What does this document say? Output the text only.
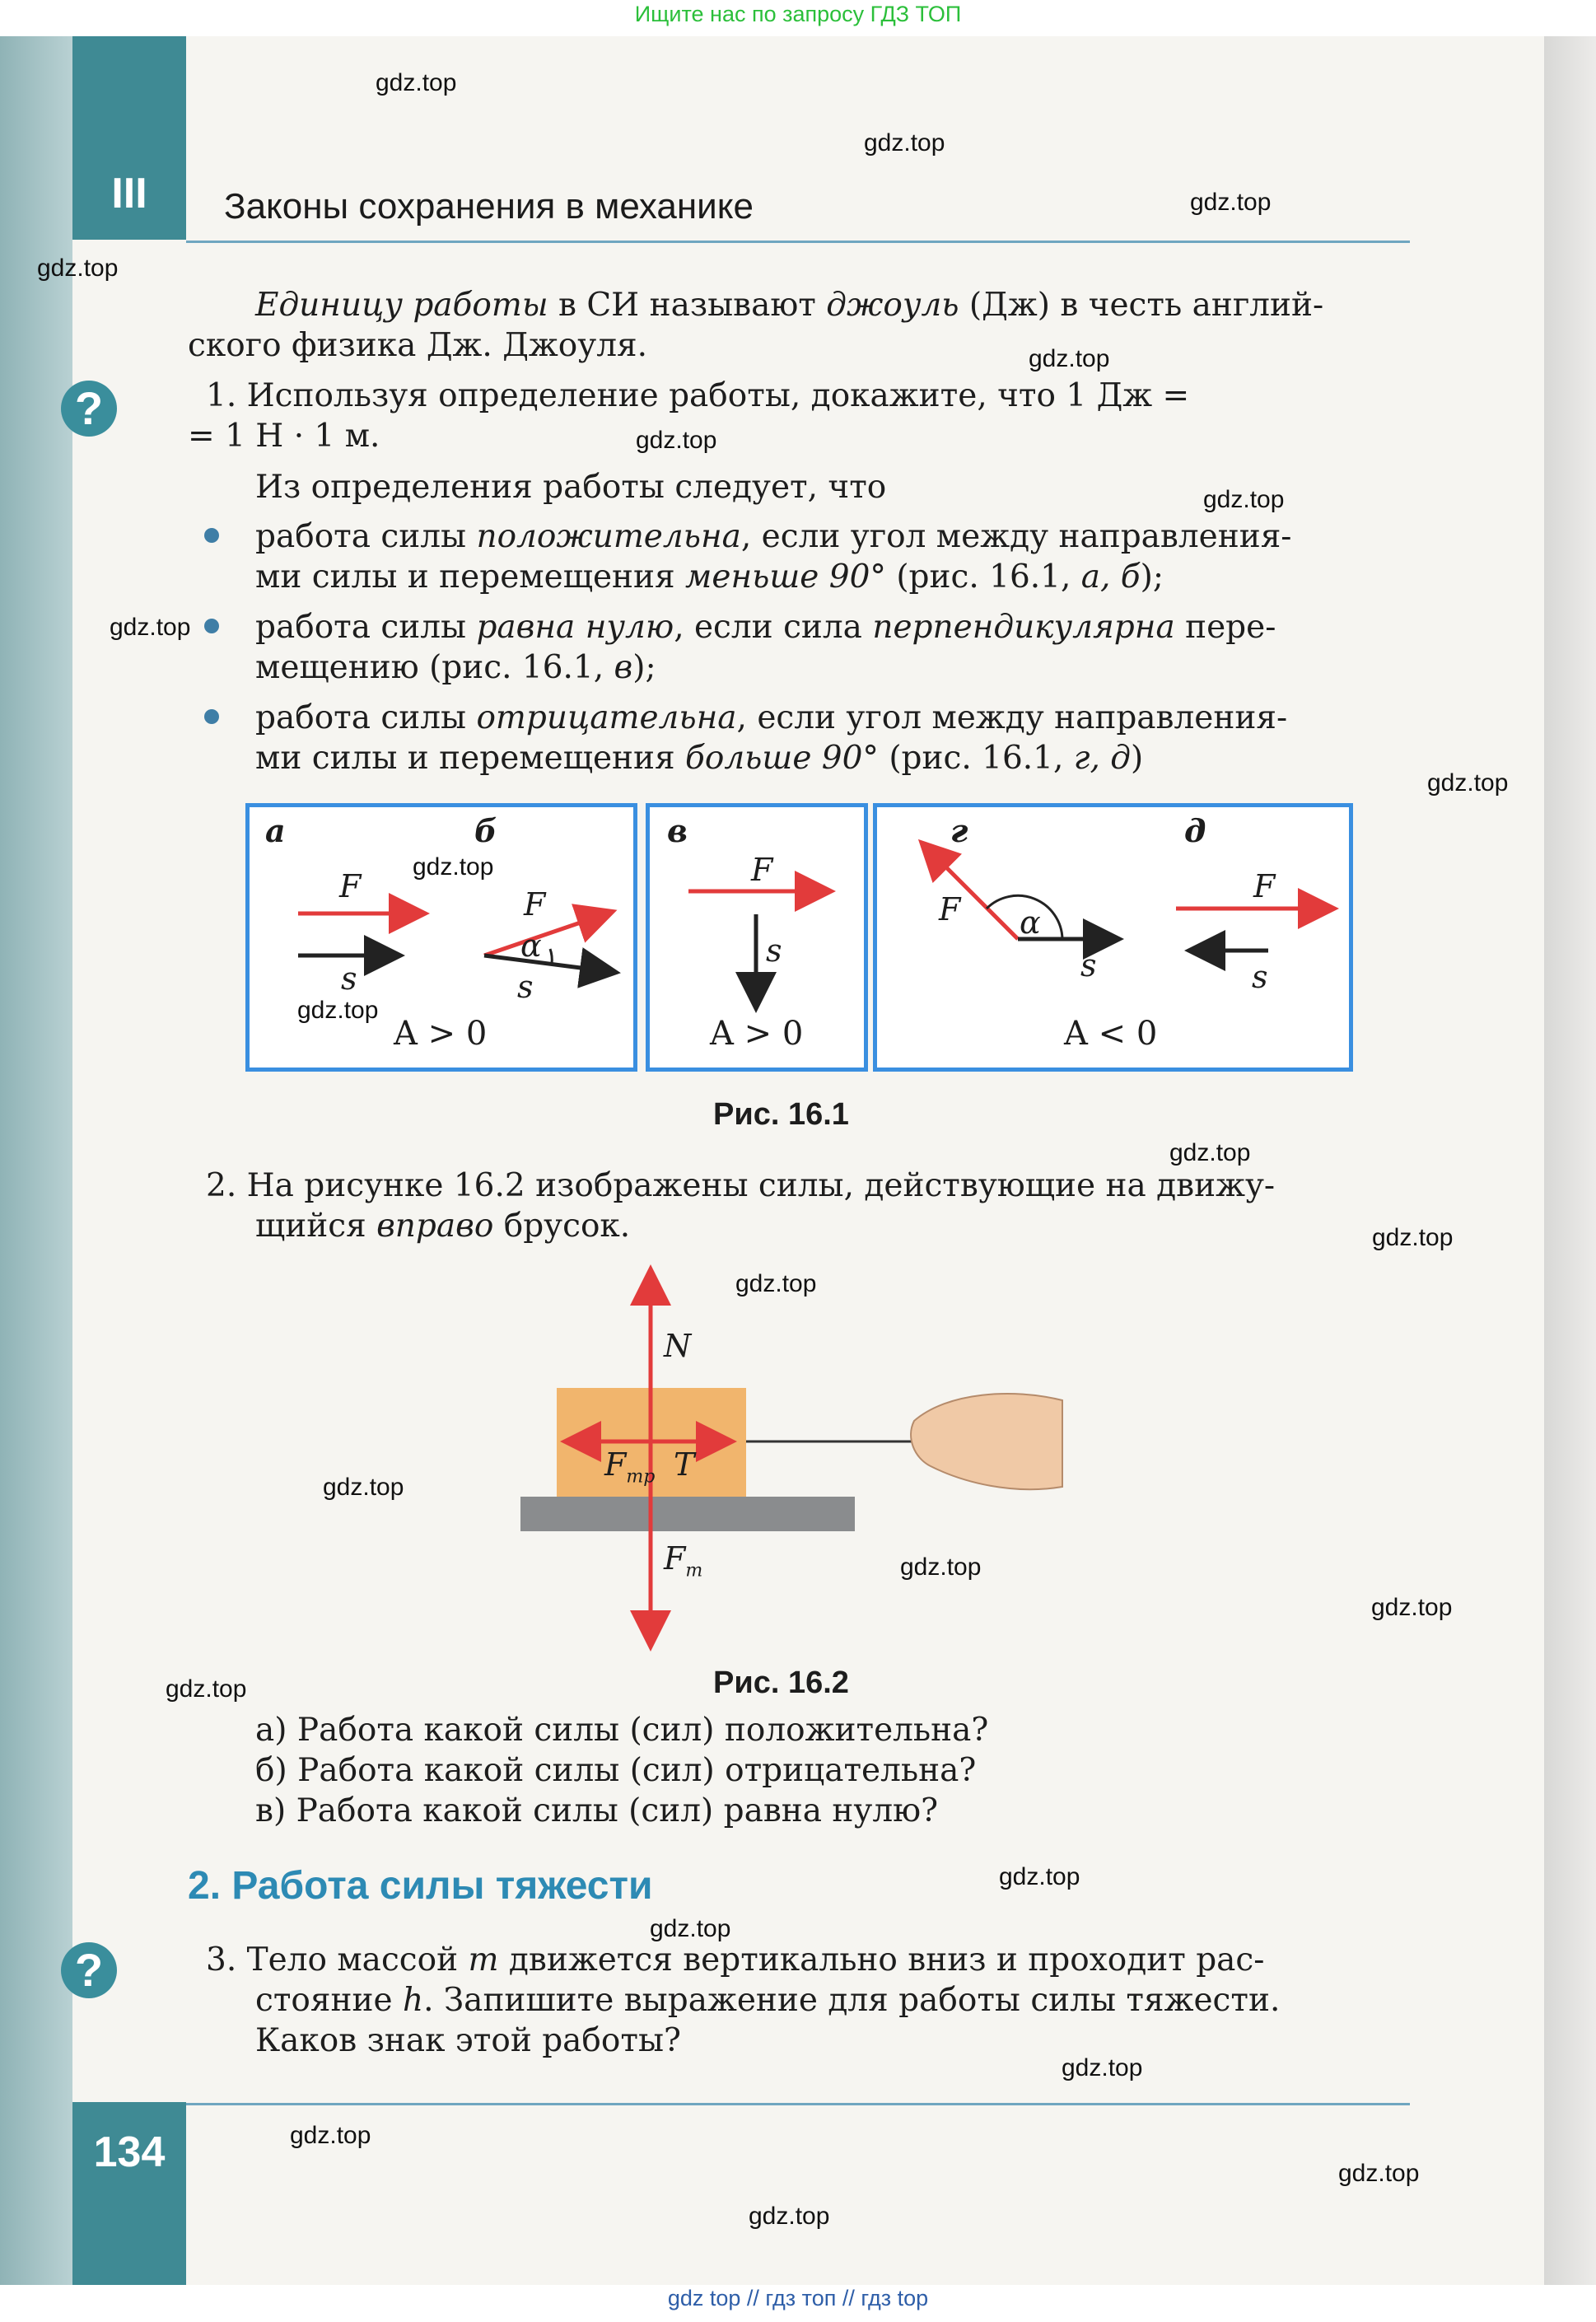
Ищите нас по запросу ГДЗ ТОП
III	Законы сохранения в механике
Единицу работы в СИ называют джоуль (Дж) в честь англий-
ского физика Дж. Джоуля.
?	1. Используя определение работы, докажите, что 1 Дж =
= 1 Н · 1 м.
Из определения работы следует, что
работа силы положительна, если угол между направления-
ми силы и перемещения меньше 90° (рис. 16.1, а, б);
работа силы равна нулю, если сила перпендикулярна пере-
мещению (рис. 16.1, в);
работа силы отрицательна, если угол между направления-
ми силы и перемещения больше 90° (рис. 16.1, г, д)
а	б	в	г	д
F
s
F
s
α
F
s
F
s
α
F
s
A > 0	A > 0	A < 0
Рис. 16.1
2. На рисунке 16.2 изображены силы, действующие на движу-
щийся вправо брусок.
N
$F_{тр}$ T
$F_т$
Рис. 16.2
а) Работа какой силы (сил) положительна?
б) Работа какой силы (сил) отрицательна?
в) Работа какой силы (сил) равна нулю?
2. Работа силы тяжести
?	3. Тело массой m движется вертикально вниз и проходит рас-
стояние h. Запишите выражение для работы силы тяжести.
Каков знак этой работы?
134
gdz.top
gdz.top
gdz.top
gdz.top
gdz.top
gdz.top
gdz.top
gdz.top
gdz.top
gdz.top
gdz.top
gdz.top
gdz.top
gdz.top
gdz.top
gdz.top
gdz.top
gdz.top
gdz.top
gdz.top
gdz.top
gdz.top
gdz.top
gdz.top
gdz top // гдз топ // гдз top
